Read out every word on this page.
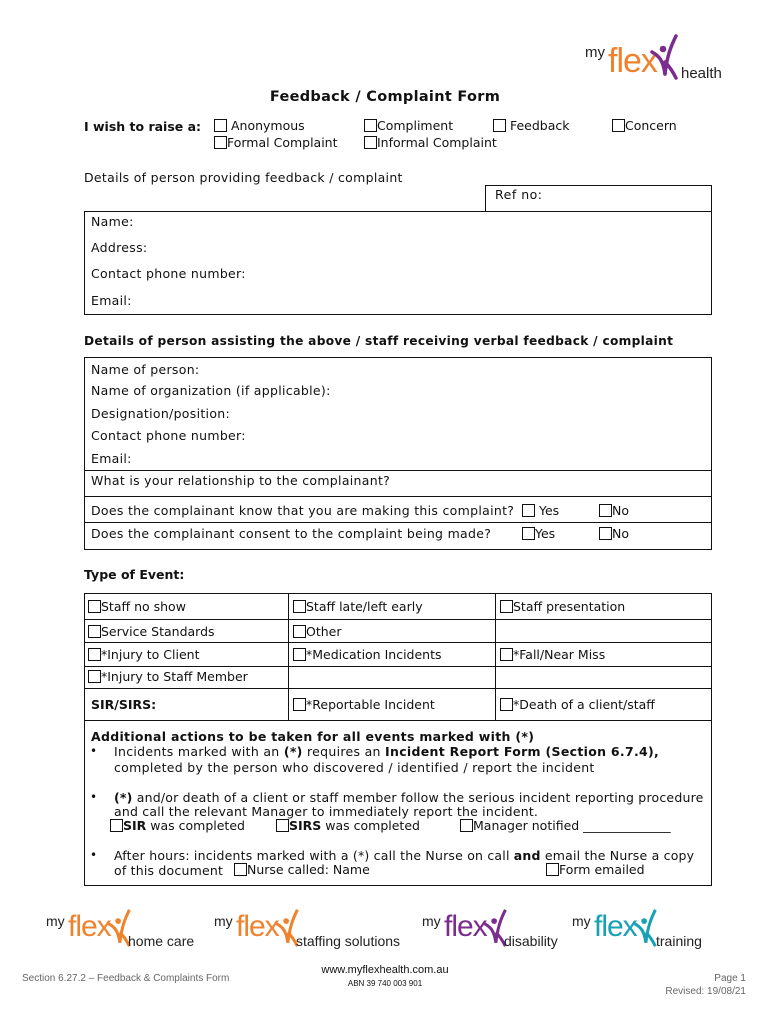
my flex health
Feedback / Complaint Form
I wish to raise a:	Anonymous	Compliment	Feedback	Concern
Formal Complaint	Informal Complaint
Details of person providing feedback / complaint
Ref no:
Name:
Address:
Contact phone number:
Email:
Details of person assisting the above / staff receiving verbal feedback / complaint
Name of person:
Name of organization (if applicable):
Designation/position:
Contact phone number:
Email:
What is your relationship to the complainant?
Does the complainant know that you are making this complaint?	Yes	No
Does the complainant consent to the complaint being made?	Yes	No
Type of Event:
Staff no show	Staff late/left early	Staff presentation
Service Standards	Other
*Injury to Client	*Medication Incidents	*Fall/Near Miss
*Injury to Staff Member
SIR/SIRS:	*Reportable Incident	*Death of a client/staff
Additional actions to be taken for all events marked with (*)
• Incidents marked with an (*) requires an Incident Report Form (Section 6.7.4),
completed by the person who discovered / identified / report the incident
• (*) and/or death of a client or staff member follow the serious incident reporting procedure
and call the relevant Manager to immediately report the incident.
SIR was completed	SIRS was completed	Manager notified ______________
• After hours: incidents marked with a (*) call the Nurse on call and email the Nurse a copy
of this document	Nurse called: Name	Form emailed
my flex home care
my flex staffing solutions
my flex disability
my flex training
Section 6.27.2 – Feedback & Complaints Form
www.myflexhealth.com.au
ABN 39 740 003 901	Page 1
Revised: 19/08/21
